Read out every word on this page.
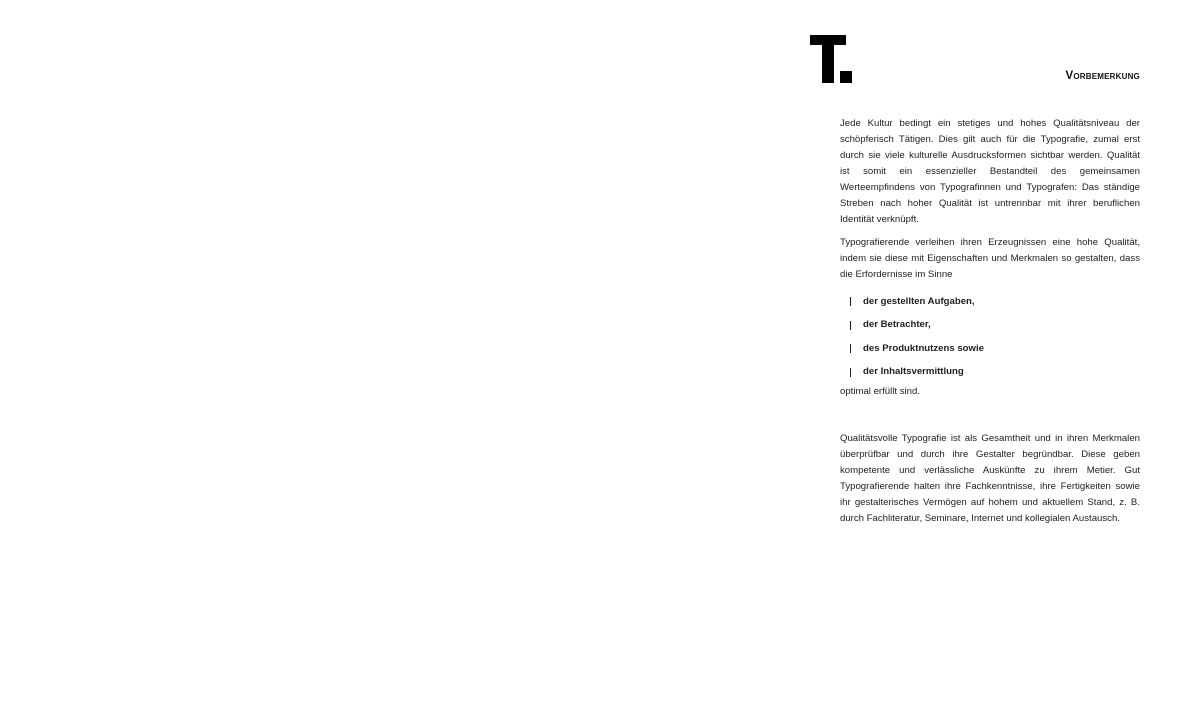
Vorbemerkung

Jede Kultur bedingt ein stetiges und hohes Qualitätsniveau der schöpferisch Tätigen. Dies gilt auch für die Typografie, zumal erst durch sie viele kulturelle Ausdrucksformen sichtbar werden. Qualität ist somit ein essenzieller Bestandteil des gemeinsamen Werteempfindens von Typografinnen und Typografen: Das ständige Streben nach hoher Qualität ist untrennbar mit ihrer beruflichen Identität verknüpft.

Typografierende verleihen ihren Erzeugnissen eine hohe Qualität, indem sie diese mit Eigenschaften und Merkmalen so gestalten, dass die Erfordernisse im Sinne

der gestellten Aufgaben,
der Betrachter,
des Produktnutzens sowie
der Inhaltsvermittlung

optimal erfüllt sind.

Qualitätsvolle Typografie ist als Gesamtheit und in ihren Merkmalen überprüfbar und durch ihre Gestalter begründbar. Diese geben kompetente und verlässliche Auskünfte zu ihrem Metier. Gut Typografierende halten ihre Fachkenntnisse, ihre Fertigkeiten sowie ihr gestalterisches Vermögen auf hohem und aktuellem Stand, z. B. durch Fachliteratur, Seminare, Internet und kollegialen Austausch.
